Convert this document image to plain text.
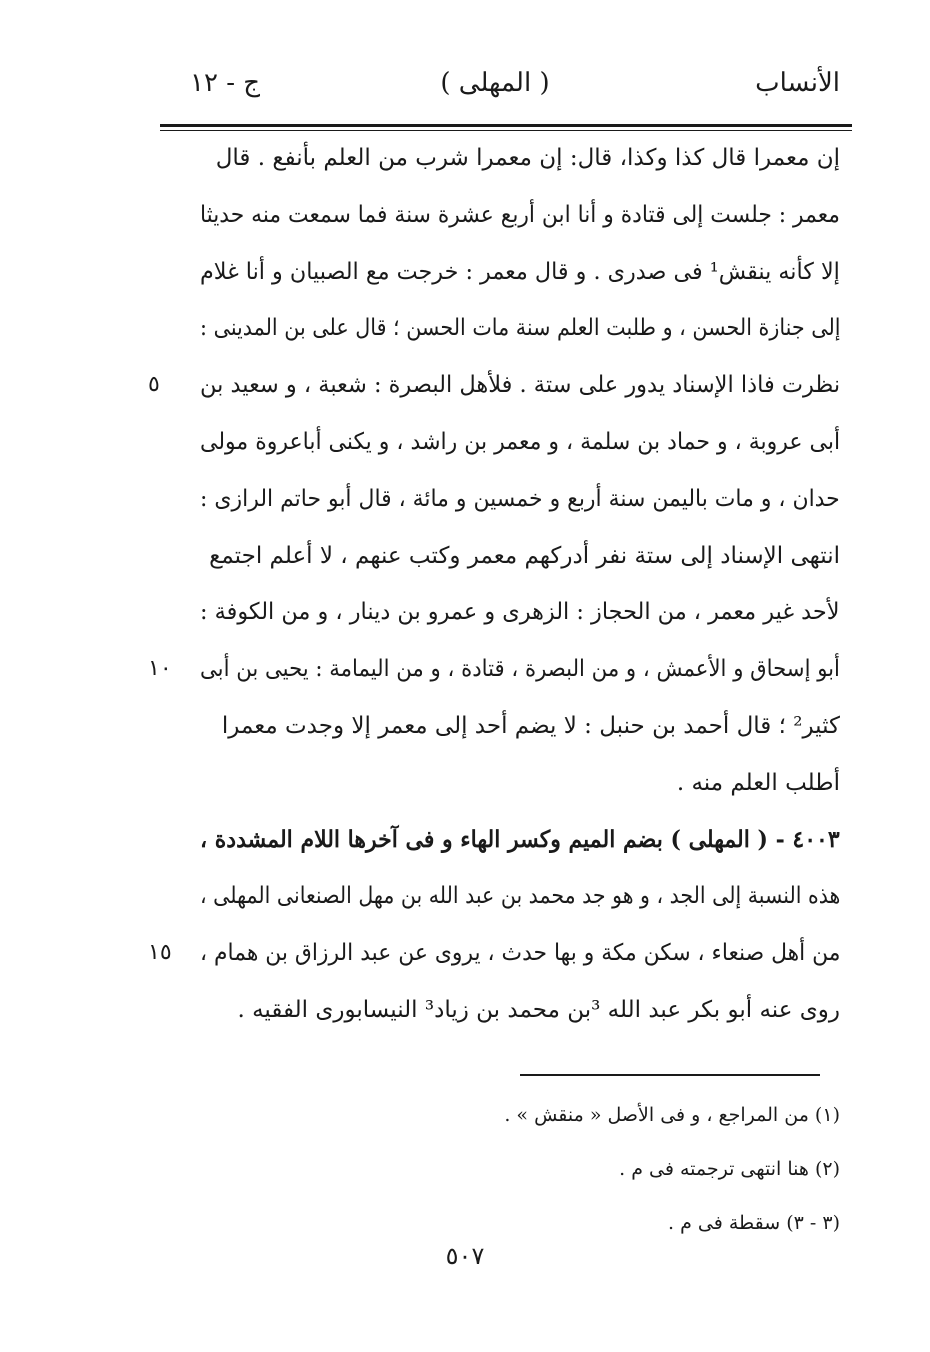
ج - ١٢	( المهلى )	الأنساب
إن معمرا قال كذا وكذا، قال: إن معمرا شرب من العلم بأنفع . قال
معمر : جلست إلى قتادة و أنا ابن أربع عشرة سنة فما سمعت منه حديثا
إلا كأنه ينقش¹ فى صدرى . و قال معمر : خرجت مع الصبيان و أنا غلام
إلى جنازة الحسن ، و طلبت العلم سنة مات الحسن ؛ قال على بن المدينى :
نظرت فاذا الإسناد يدور على ستة . فلأهل البصرة : شعبة ، و سعيد بن
٥
أبى عروبة ، و حماد بن سلمة ، و معمر بن راشد ، و يكنى أباعروة مولى
حدان ، و مات باليمن سنة أربع و خمسين و مائة ، قال أبو حاتم الرازى :
انتهى الإسناد إلى ستة نفر أدركهم معمر وكتب عنهم ، لا أعلم اجتمع
لأحد غير معمر ، من الحجاز : الزهرى و عمرو بن دينار ، و من الكوفة :
أبو إسحاق و الأعمش ، و من البصرة ، قتادة ، و من اليمامة : يحيى بن أبى
١٠
كثير² ؛ قال أحمد بن حنبل : لا يضم أحد إلى معمر إلا وجدت معمرا
أطلب العلم منه .
٤٠٠٣ - ( المهلى ) بضم الميم وكسر الهاء و فى آخرها اللام المشددة ،
هذه النسبة إلى الجد ، و هو جد محمد بن عبد الله بن مهل الصنعانى المهلى ،
من أهل صنعاء ، سكن مكة و بها حدث ، يروى عن عبد الرزاق بن همام ،
١٥
روى عنه أبو بكر عبد الله ³بن محمد بن زياد³ النيسابورى الفقيه .
(١) من المراجع ، و فى الأصل « منقش » .
(٢) هنا انتهى ترجمته فى م .
(٣ - ٣) سقطة فى م .
٥٠٧
